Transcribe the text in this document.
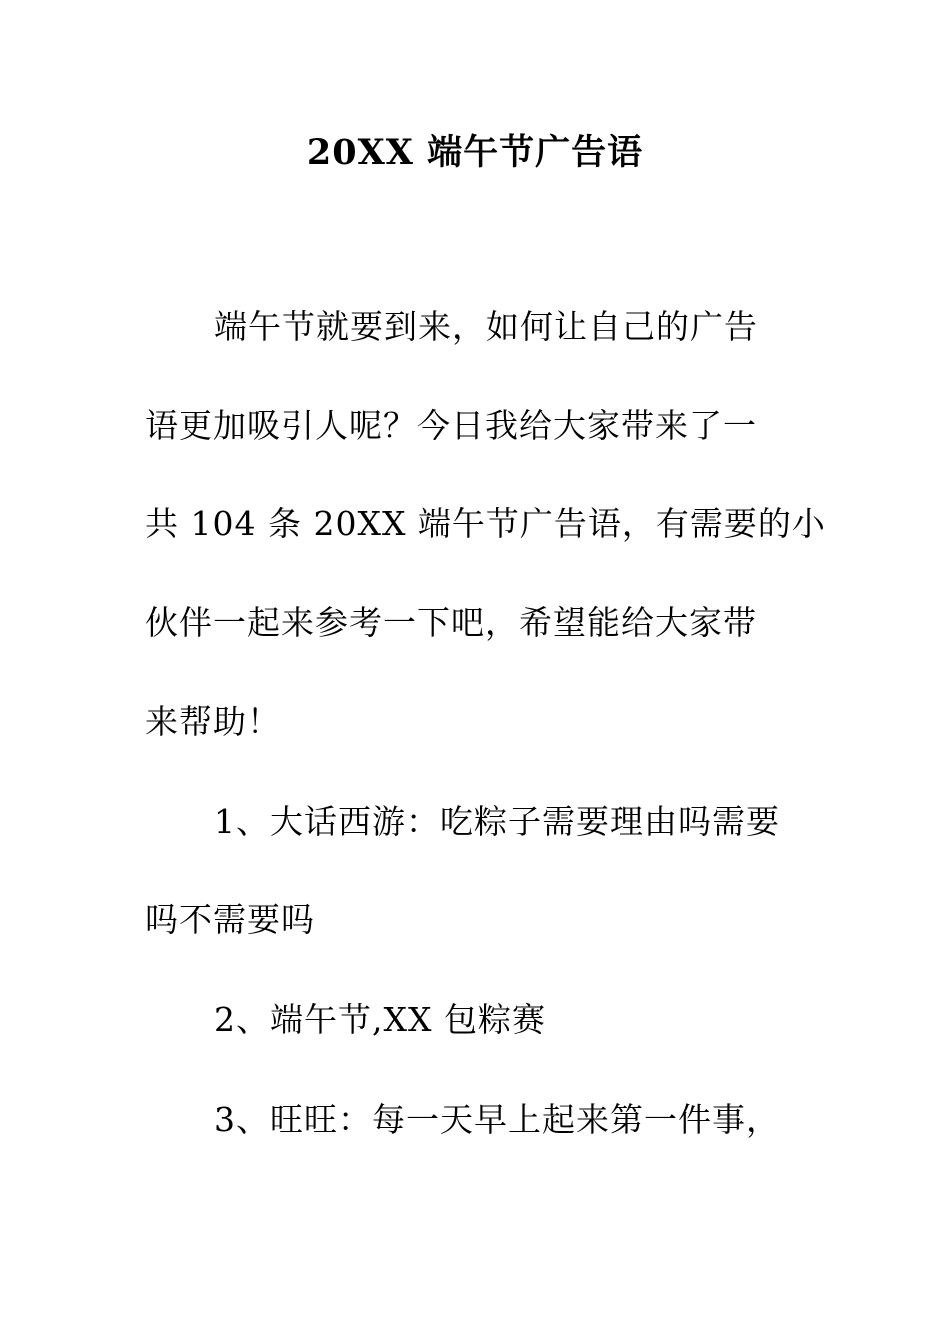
20XX 端午节广告语
端午节就要到来，如何让自己的广告
语更加吸引人呢？今日我给大家带来了一
共 104 条 20XX 端午节广告语，有需要的小
伙伴一起来参考一下吧，希望能给大家带
来帮助！
1、大话西游：吃粽子需要理由吗需要
吗不需要吗
2、端午节,XX 包粽赛
3、旺旺：每一天早上起来第一件事，
